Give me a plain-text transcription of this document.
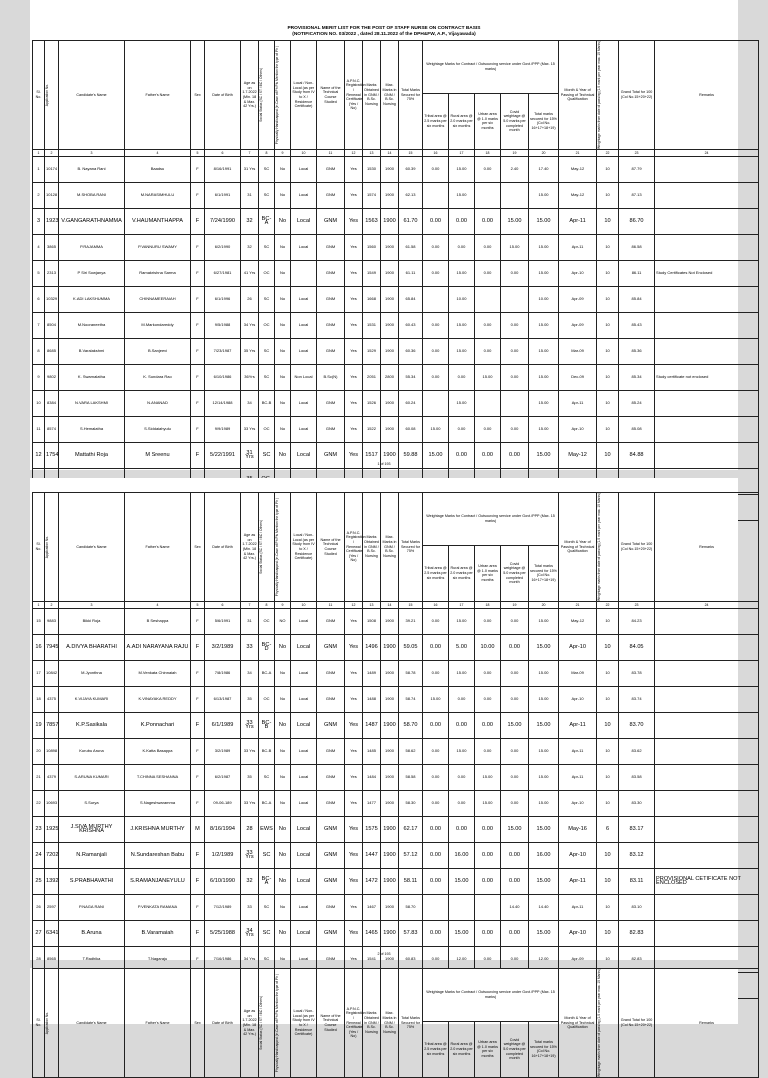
PROVISIONAL MERIT LIST FOR THE POST OF STAFF NURSE ON CONTRACT BASIS
(NOTIFICATION NO. 03/2022 , dated 28.11.2022 of the DPH&FW, A.P., Vijayawada)
Sl. No.	Application No.	Candidate's Name	Father's Name	Sex	Date of Birth	Age as on 1.7.2022 (Min. 18 & Max. 42 Yrs.)	Social Status (SC / ST / BC / Others)	Physically Handicapped (in Case of Ph Pls Mention the type of Ph )	Local / Non-Local (as per Study from IV to X / Residence Certificate)	Name of the Technical Course Studied	A.P.N.C. Registration / Renewal Certificate (Yes / No)	Marks Obtained in GNM / B.Sc. Nursing	Max. Marks in GNM / B.Sc. Nursing	Total Marks Secured for 75%	Weightage Marks for Contract / Outsourcing service under Govt./PPP (Max. 15 marks)					Month & Year of Passing of Technical Qualification	Weightage marks from date of passing (1.0 mark per year max. 10 Marks)	Grand Total for 100 (Col No.15+20+22)	Remarks
															Tribal area @ 2.5 marks per six months	Rural area @ 2.0 marks per six months	Urban area @ 1.0 marks per six months	Covid weightage @ 5.0 marks per completed month	Total marks secured for 15% (Col No. 16+17+18+19)				
1	2	3	4	5	6	7	8	9	10	11	12	13	14	15	16	17	18	19	20	21	22	23	24
1	10174	B. Nayana Rani	Baadsu	F	8/16/1991	31 Yrs	SC	No	Local	GNM	Yes	1530	1900	60.39	0.00	15.00	0.00	2.40	17.40	May-12	10	87.79	
2	10128	M.SHOBA RANI	M.NARASIMHULU	F	6/1/1991	31	SC	No	Local	GNM	Yes	1574	1900	62.13		15.00			15.00	May-12	10	87.13	
3	1923	V.GANGARATHNAMMA	V.HAUMANTHAPPA	F	7/24/1990	32	BC-A	No	Local	GNM	Yes	1563	1900	61.70	0.00	0.00	0.00	15.00	15.00	Apr-11	10	86.70	
4	3865	P.RAJAMMA	P.VANNURU SWAMY	F	6/2/1990	32	SC	No	Local	GNM	Yes	1560	1900	61.58	0.00	0.00	0.00	15.00	15.00	Apr-11	10	86.58	
5	2313	P Siri Sowjanya	Ramakrishna Sarma	F	6/27/1981	41 Yrs	OC	No		GNM	Yes	1549	1900	61.11	0.00	15.00	0.00	0.00	15.00	Apr-10	10	86.11	Study Certificates Not Enclosed
6	10329	K.ADI LAKSHUMMA	CHINNAMEERAIAH	F	6/1/1996	26	SC	No	Local	GNM	Yes	1668	1900	65.84		10.00			10.00	Apr-09	10	85.84	
7	8504	M.Nooraneetha	M.Markondareddy	F	9/5/1988	34 Yrs	OC	No	Local	GNM	Yes	1531	1900	60.43	0.00	15.00	0.00	0.00	15.00	Apr-09	10	85.43	
8	8685	B.Varalakshmi	B.Sanjeevi	F	7/23/1987	35 Yrs	SC	No	Local	GNM	Yes	1529	1900	60.36	0.00	15.00	0.00	0.00	15.00	Mar-09	10	85.36	
9	9802	K. Swarnalatha	K. Sundara Rao	F	6/10/1986	36Yrs	SC	No	Non Local	B.Sc(N)	Yes	2051	2800	55.34	0.00	0.00	15.00	0.00	15.00	Dec-09	10	85.34	Study certificate not enclosed
10	8384	N.VARA LAKSHMI	N.ANANAD	F	12/14/1988	34	BC-B	No	Local	GNM	Yes	1526	1900	60.24		15.00			15.00	Apr-11	10	85.24	
11	8574	S.Hemalatha	S.Siddaiahyulu	F	9/9/1989	33 Yrs	OC	No	Local	GNM	Yes	1522	1900	60.08	15.00	0.00	0.00	0.00	15.00	Apr-10	10	85.08	
12	1754	Mattathi Roja	M Sreenu	F	5/22/1991	31 Yrs	SC	No	Local	GNM	Yes	1517	1900	59.88	15.00	0.00	0.00	0.00	15.00	May-12	10	84.88	

1 of 193
Sl. No.	Application No.	Candidate's Name	Father's Name	Sex	Date of Birth	Age as on 1.7.2022 (Min. 18 & Max. 42 Yrs.)	Social Status (SC / ST / BC / Others)	Physically Handicapped (in Case of Ph Pls Mention the type of Ph )	Local / Non-Local (as per Study from IV to X / Residence Certificate)	Name of the Technical Course Studied	A.P.N.C. Registration / Renewal Certificate (Yes / No)	Marks Obtained in GNM / B.Sc. Nursing	Max. Marks in GNM / B.Sc. Nursing	Total Marks Secured for 75%	Weightage Marks for Contract / Outsourcing service under Govt./PPP (Max. 15 marks)					Month & Year of Passing of Technical Qualification	Weightage marks from date of passing (1.0 mark per year max. 10 Marks)	Grand Total for 100 (Col No.15+20+22)	Remarks
															Tribal area @ 2.5 marks per six months	Rural area @ 2.0 marks per six months	Urban area @ 1.0 marks per six months	Covid weightage @ 5.0 marks per completed month	Total marks secured for 15% (Col No. 16+17+18+19)				
1	2	3	4	5	6	7	8	9	10	11	12	13	14	15	16	17	18	19	20	21	22	23	24
15	9883	Bikki Roja	B Seshappa	F	5/6/1991	31	OC	NO	Local	GNM	Yes	1508	1900	39.21	0.00	15.00	0.00	0.00	15.00	May-12	10	84.23	
16	7945	A.DIVYA BHARATHI	A.ADI NARAYANA RAJU	F	3/2/1989	33	BC-D	No	Local	GNM	Yes	1496	1900	59.05	0.00	5.00	10.00	0.00	15.00	Apr-10	10	84.05	
17	10842	M.Jyonthna	M.Venkata Chinnaiah	F	7/8/1986	34	BC-A	No	Local	GNM	Yes	1489	1900	58.78	0.00	15.00	0.00	0.00	15.00	Mar-09	10	83.78	
18	4375	K.VIJAYA KUMARI	K.VINAYAKA REDDY	F	6/13/1987	35	OC	No	Local	GNM	Yes	1488	1900	58.74	15.00	0.00	0.00	0.00	15.00	Apr-10	10	83.74	
19	7857	K.P.Sasikala	K.Ponnachari	F	6/1/1989	33 Yrs	BC-B	No	Local	GNM	Yes	1487	1900	58.70	0.00	0.00	0.00	15.00	15.00	Apr-11	10	83.70	
20	10898	Kurubu Aruna	K.Katta Basappa	F	3/2/1989	33 Yrs	BC-B	No	Local	GNM	Yes	1485	1900	58.62	0.00	15.00	0.00	0.00	15.00	Apr-11	10	83.62	
21	4379	S.ARUNA KUMARI	T.CHINNA SESHANNA	F	6/2/1987	35	SC	No	Local	GNM	Yes	1484	1900	58.58	0.00	0.00	15.00	0.00	15.00	Apr-11	10	83.58	
22	10693	S.Surya	S.Nageshwaramma	F	09-06-189	33 Yrs	BC-A	No	Local	GNM	Yes	1477	1900	58.30	0.00	0.00	15.00	0.00	15.00	Apr-10	10	83.30	
23	1925	J.SIVA MURTHY KRISHNA	J.KRISHNA MURTHY	M	8/16/1994	28	EWS	No	Local	GNM	Yes	1575	1900	62.17	0.00	0.00	0.00	15.00	15.00	May-16	6	83.17	
24	7202	N.Ramanjali	N.Sundareshan Babu	F	1/2/1989	33 Yrs	SC	No	Local	GNM	Yes	1447	1900	57.12	0.00	16.00	0.00	0.00	16.00	Apr-10	10	83.12	
25	1392	S.PRABHAVATHI	S.RAMANJANEYULU	F	6/10/1990	32	BC-A	No	Local	GNM	Yes	1472	1900	58.11	0.00	15.00	0.00	0.00	15.00	Apr-11	10	83.11	PROVISIONAL CETIFICATE NOT ENCLOSED
26	2597	P.NAGA RANI	P.VENKATA RAMANA	F	7/12/1989	33	SC	No	Local	GNM	Yes	1467	1900	58.70				14.40	14.40	Apr-11	10	83.10	
27	6341	B.Aruna	B.Varamaiah	F	5/25/1988	34 Yrs	SC	No	Local	GNM	Yes	1465	1900	57.83	0.00	15.00	0.00	0.00	15.00	Apr-10	10	82.83	
28	8565	T.Radhika	T.Nagaraju	F	7/16/1986	34 Yrs	SC	No	Local	GNM	Yes	1541	1900	60.83	0.00	12.00	0.00	0.00	12.00	Apr-09	10	82.83	

2 of 193
Sl. No.	Application No.	Candidate's Name	Father's Name	Sex	Date of Birth	Age as on 1.7.2022 (Min. 18 & Max. 42 Yrs.)	Social Status (SC / ST / BC / Others)	Physically Handicapped (in Case of Ph Pls Mention the type of Ph )	Local / Non-Local (as per Study from IV to X / Residence Certificate)	Name of the Technical Course Studied	A.P.N.C. Registration / Renewal Certificate (Yes / No)	Marks Obtained in GNM / B.Sc. Nursing	Max. Marks in GNM / B.Sc. Nursing	Total Marks Secured for 75%	Weightage Marks for Contract / Outsourcing service under Govt./PPP (Max. 15 marks)					Month & Year of Passing of Technical Qualification	Weightage marks from date of passing (1.0 mark per year max. 10 Marks)	Grand Total for 100 (Col No.15+20+22)	Remarks
															Tribal area @ 2.5 marks per six months	Rural area @ 2.0 marks per six months	Urban area @ 1.0 marks per six months	Covid weightage @ 5.0 marks per completed month	Total marks secured for 15% (Col No. 16+17+18+19)				
